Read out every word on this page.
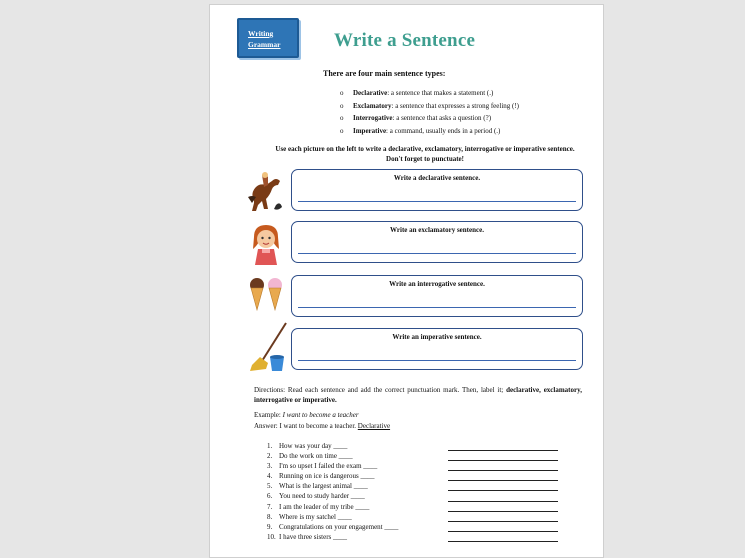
Writing
Grammar	Write a Sentence
There are four main sentence types:
o Declarative: a sentence that makes a statement (.)
o Exclamatory: a sentence that expresses a strong feeling (!)
o Interrogative: a sentence that asks a question (?)
o Imperative: a command, usually ends in a period (.)
Use each picture on the left to write a declarative, exclamatory, interrogative or imperative sentence. Don't forget to punctuate!
Write a declarative sentence.
Write an exclamatory sentence.
Write an interrogative sentence.
Write an imperative sentence.
Directions: Read each sentence and add the correct punctuation mark. Then, label it; declarative, exclamatory, interrogative or imperative.
Example: I want to become a teacher
Answer: I want to become a teacher. Declarative
1. How was your day ____
2. Do the work on time ____
3. I'm so upset I failed the exam ____
4. Running on ice is dangerous ____
5. What is the largest animal ____
6. You need to study harder ____
7. I am the leader of my tribe ____
8. Where is my satchel ____
9. Congratulations on your engagement ____
10. I have three sisters ____
